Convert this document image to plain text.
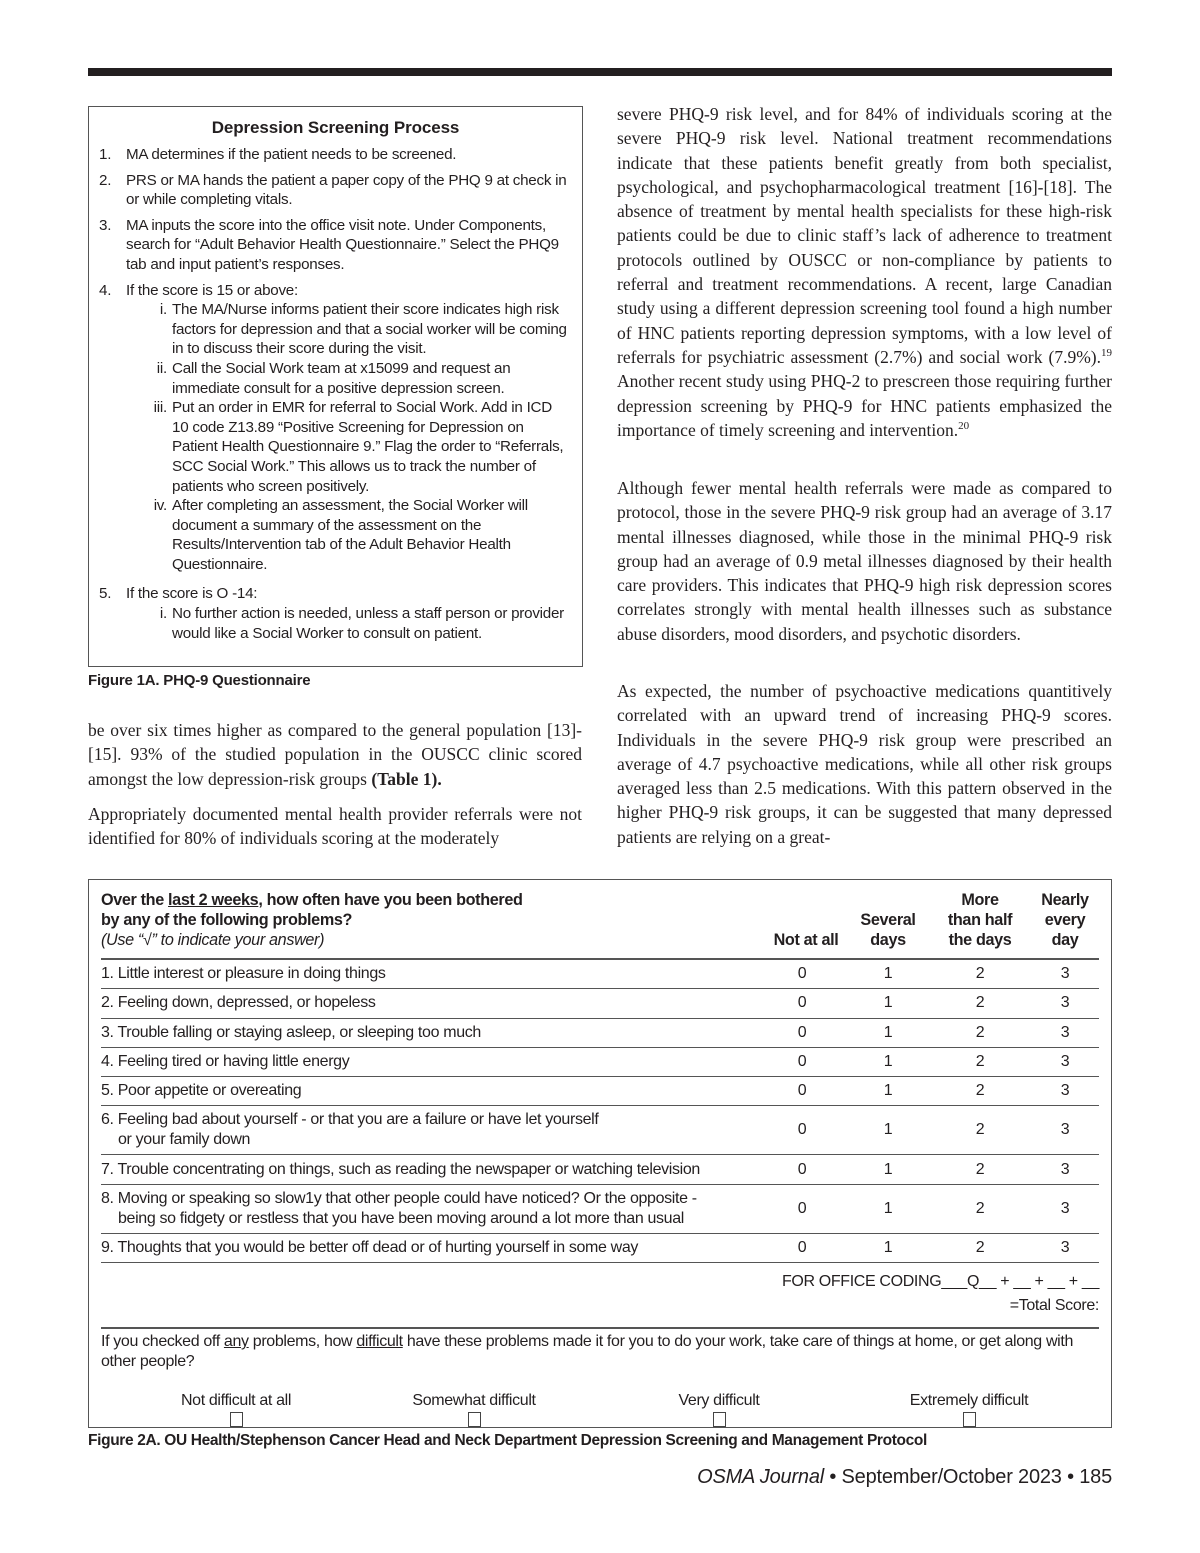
Depression Screening Process
1. MA determines if the patient needs to be screened.
2. PRS or MA hands the patient a paper copy of the PHQ 9 at check in or while completing vitals.
3. MA inputs the score into the office visit note. Under Components, search for “Adult Behavior Health Questionnaire.” Select the PHQ9 tab and input patient’s responses.
4. If the score is 15 or above:
i. The MA/Nurse informs patient their score indicates high risk factors for depression and that a social worker will be coming in to discuss their score during the visit.
ii. Call the Social Work team at x15099 and request an immediate consult for a positive depression screen.
iii. Put an order in EMR for referral to Social Work. Add in ICD 10 code Z13.89 “Positive Screening for Depression on Patient Health Questionnaire 9.” Flag the order to “Referrals, SCC Social Work.” This allows us to track the number of patients who screen positively.
iv. After completing an assessment, the Social Worker will document a summary of the assessment on the Results/Intervention tab of the Adult Behavior Health Questionnaire.
5. If the score is O -14:
i. No further action is needed, unless a staff person or provider would like a Social Worker to consult on patient.
Figure 1A. PHQ-9 Questionnaire

be over six times higher as compared to the general population [13]-[15]. 93% of the studied population in the OUSCC clinic scored amongst the low depression-risk groups (Table 1).

Appropriately documented mental health provider referrals were not identified for 80% of individuals scoring at the moderately

severe PHQ-9 risk level, and for 84% of individuals scoring at the severe PHQ-9 risk level. National treatment recommendations indicate that these patients benefit greatly from both specialist, psychological, and psychopharmacological treatment [16]-[18]. The absence of treatment by mental health specialists for these high-risk patients could be due to clinic staff’s lack of adherence to treatment protocols outlined by OUSCC or non-compliance by patients to referral and treatment recommendations. A recent, large Canadian study using a different depression screening tool found a high number of HNC patients reporting depression symptoms, with a low level of referrals for psychiatric assessment (2.7%) and social work (7.9%).$^{19}$ Another recent study using PHQ-2 to prescreen those requiring further depression screening by PHQ-9 for HNC patients emphasized the importance of timely screening and intervention.$^{20}$

Although fewer mental health referrals were made as compared to protocol, those in the severe PHQ-9 risk group had an average of 3.17 mental illnesses diagnosed, while those in the minimal PHQ-9 risk group had an average of 0.9 metal illnesses diagnosed by their health care providers. This indicates that PHQ-9 high risk depression scores correlates strongly with mental health illnesses such as substance abuse disorders, mood disorders, and psychotic disorders.

As expected, the number of psychoactive medications quantitively correlated with an upward trend of increasing PHQ-9 scores. Individuals in the severe PHQ-9 risk group were prescribed an average of 4.7 psychoactive medications, while all other risk groups averaged less than 2.5 medications. With this pattern observed in the higher PHQ-9 risk groups, it can be suggested that many depressed patients are relying on a great-

Over the last 2 weeks, how often have you been bothered
by any of the following problems?
(Use “√” to indicate your answer)

	Not at all

Several
days
More
than half
the days
Nearly
every
day
1. Little interest or pleasure in doing things	0	1	2	3
2. Feeling down, depressed, or hopeless	0	1	2	3
3. Trouble falling or staying asleep, or sleeping too much	0	1	2	3
4. Feeling tired or having little energy	0	1	2	3
5. Poor appetite or overeating	0	1	2	3
6. Feeling bad about yourself - or that you are a failure or have let yourself
or your family down
0	1	2	3
7. Trouble concentrating on things, such as reading the newspaper or watching television	0	1	2	3
8. Moving or speaking so slow1y that other people could have noticed? Or the opposite -
being so fidgety or restless that you have been moving around a lot more than usual
0	1	2	3
9. Thoughts that you would be better off dead or of hurting yourself in some way	0	1	2	3
FOR OFFICE CODING___Q__ + __ + __ + __
=Total Score:
If you checked off any problems, how difficult have these problems made it for you to do your work, take care of things at home, or get along with other people?
Not difficult at all	Somewhat difficult	Very difficult	Extremely difficult
Figure 2A. OU Health/Stephenson Cancer Head and Neck Department Depression Screening and Management Protocol
OSMA Journal • September/October 2023 • 185
